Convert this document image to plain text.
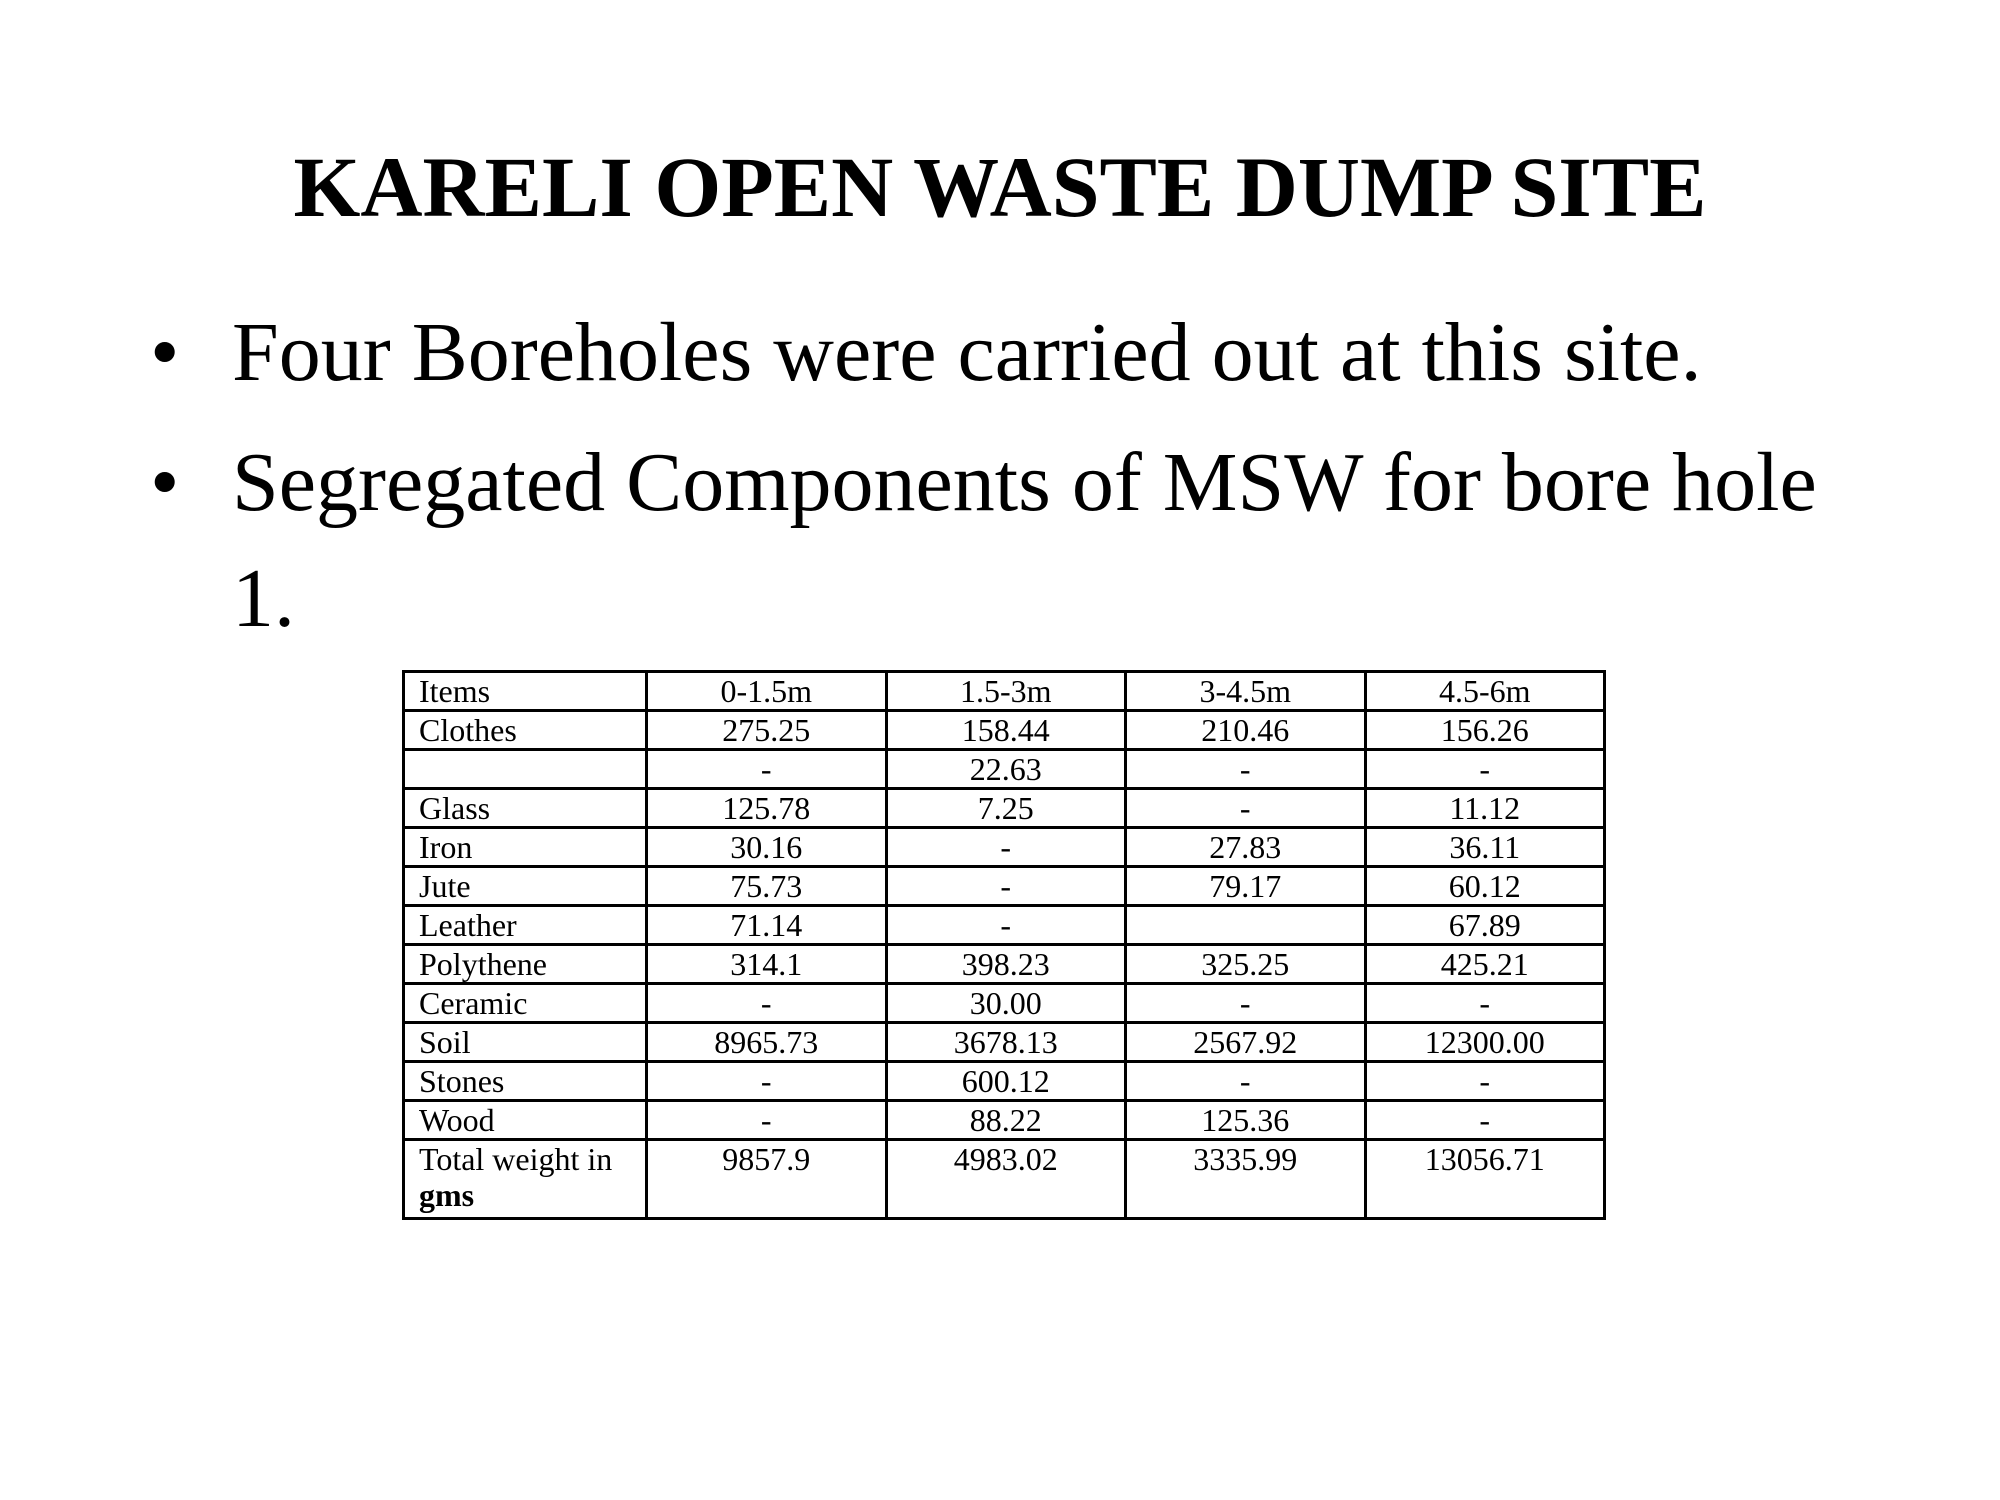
KARELI OPEN WASTE DUMP SITE
• Four Boreholes were carried out at this site.
• Segregated Components of MSW for bore hole 1.
Items	0-1.5m	1.5-3m	3-4.5m	4.5-6m
Clothes	275.25	158.44	210.46	156.26
	-	22.63	-	-
Glass	125.78	7.25	-	11.12
Iron	30.16	-	27.83	36.11
Jute	75.73	-	79.17	60.12
Leather	71.14	-		67.89
Polythene	314.1	398.23	325.25	425.21
Ceramic	-	30.00	-	-
Soil	8965.73	3678.13	2567.92	12300.00
Stones	-	600.12	-	-
Wood	-	88.22	125.36	-
Total weight in
gms	9857.9	4983.02	3335.99	13056.71
